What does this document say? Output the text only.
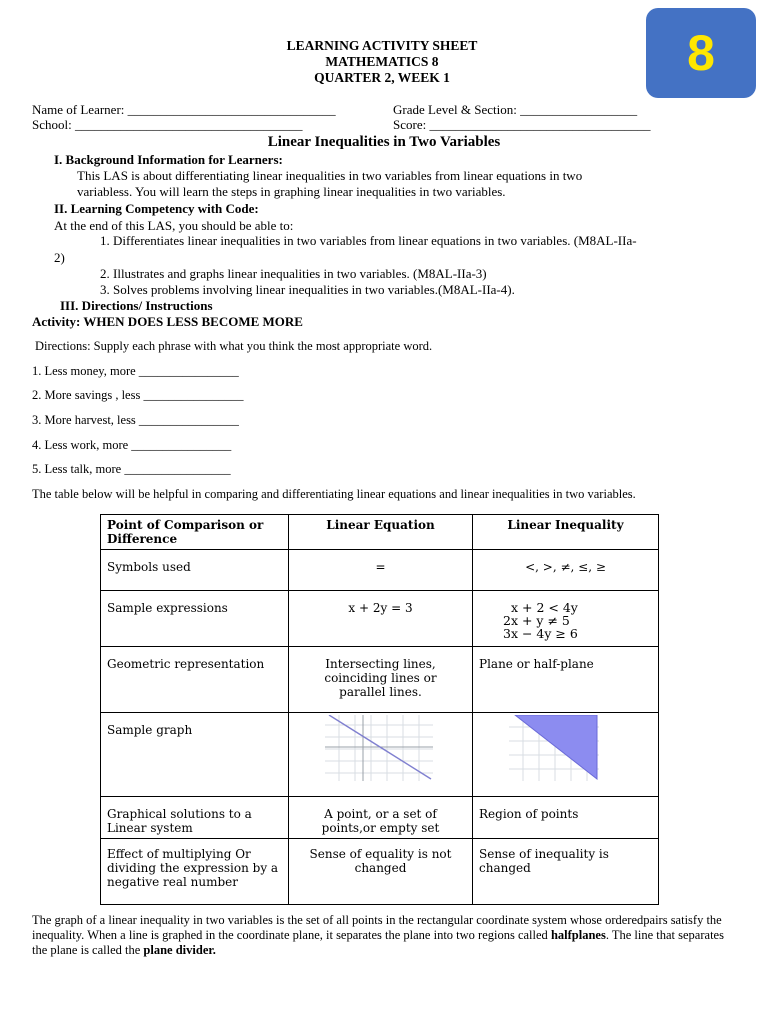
8
LEARNING ACTIVITY SHEET
MATHEMATICS 8
QUARTER 2, WEEK 1
Name of Learner: ________________________________	Grade Level & Section: __________________
School: ___________________________________	Score: __________________________________
Linear Inequalities in Two Variables
I. Background Information for Learners:
This LAS is about differentiating linear inequalities in two variables from linear equations in two
variabless. You will learn the steps in graphing linear inequalities in two variables.
II. Learning Competency with Code:
At the end of this LAS, you should be able to:
1. Differentiates linear inequalities in two variables from linear equations in two variables. (M8AL-IIa-
2)
2. Illustrates and graphs linear inequalities in two variables. (M8AL-IIa-3)
3. Solves problems involving linear inequalities in two variables.(M8AL-IIa-4).
III. Directions/ Instructions
Activity: WHEN DOES LESS BECOME MORE
Directions: Supply each phrase with what you think the most appropriate word.
1. Less money, more ________________
2. More savings , less ________________
3. More harvest, less ________________
4. Less work, more ________________
5. Less talk, more _________________
The table below will be helpful in comparing and differentiating linear equations and linear inequalities in two variables.
Point of Comparison or Difference	Linear Equation	Linear Inequality
Symbols used	=	<, >, ≠, ≤, ≥
Sample expressions	x + 2y = 3	x + 2 < 4y
2x + y ≠ 5
3x − 4y ≥ 6

Geometric representation	Intersecting lines, coinciding lines or parallel lines.	Plane or half-plane
Sample graph		
Graphical solutions to a Linear system	A point, or a set of points,or empty set	Region of points
Effect of multiplying Or dividing the expression by a negative real number	Sense of equality is not changed	Sense of inequality is changed
The graph of a linear inequality in two variables is the set of all points in the rectangular coordinate system whose orderedpairs satisfy the inequality. When a line is graphed in the coordinate plane, it separates the plane into two regions called halfplanes. The line that separates the plane is called the plane divider.
